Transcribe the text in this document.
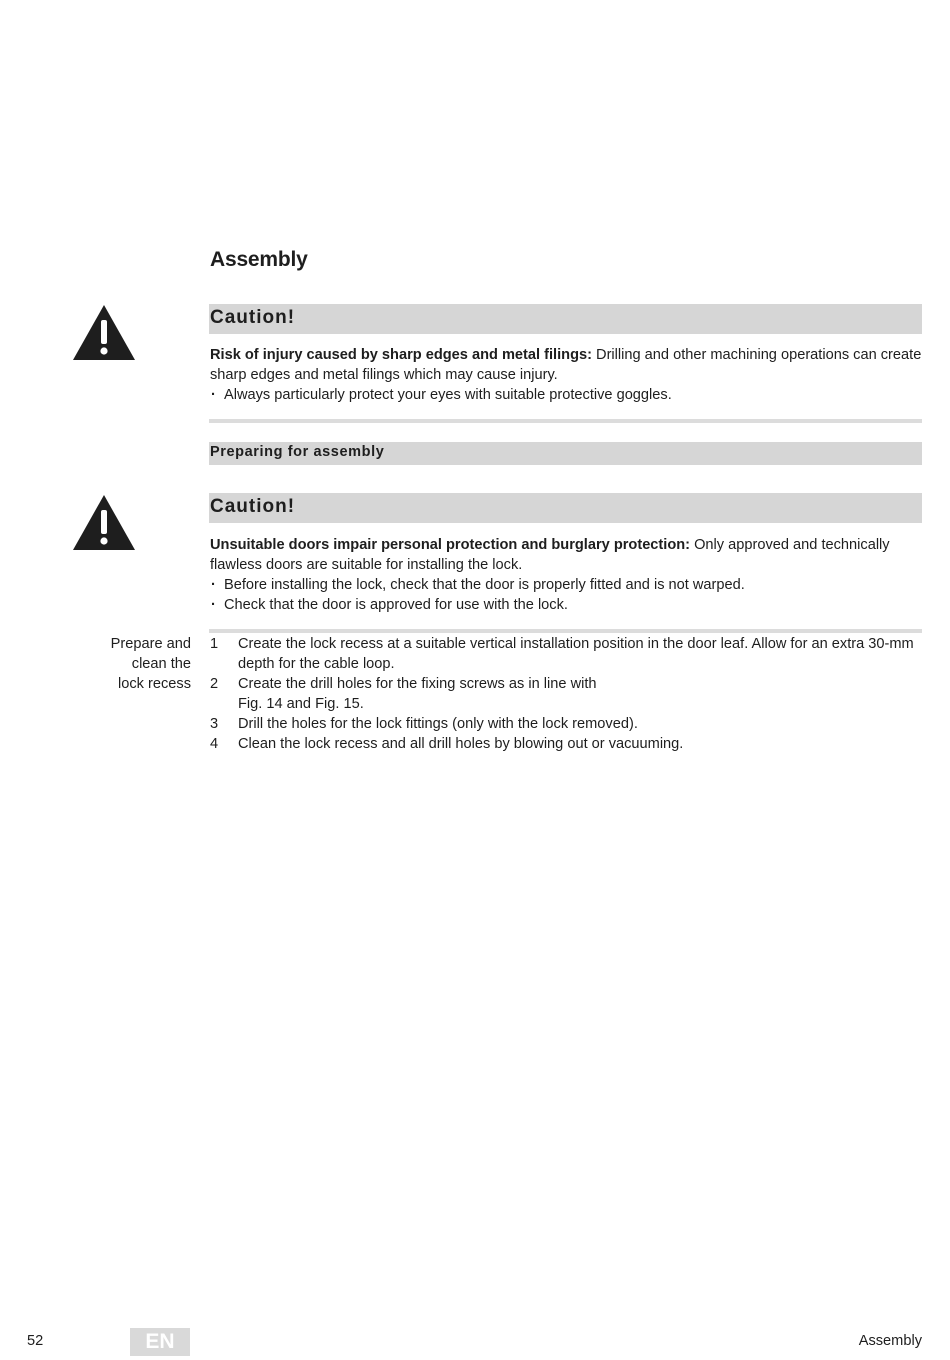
Assembly
Caution!

Risk of injury caused by sharp edges and metal filings: Drilling and other machining operations can create sharp edges and metal filings which may cause injury.

· Always particularly protect your eyes with suitable protective goggles.

Preparing for assembly
Caution!

Unsuitable doors impair personal protection and burglary protection: Only approved and technically flawless doors are suitable for installing the lock.

· Before installing the lock, check that the door is properly fitted and is not warped.

· Check that the door is approved for use with the lock.

Prepare and
clean the
lock recess
1 Create the lock recess at a suitable vertical installation position in the door leaf. Allow for an extra 30-mm depth for the cable loop.
2 Create the drill holes for the fixing screws as in line with
Fig. 14 and Fig. 15.
3 Drill the holes for the lock fittings (only with the lock removed).
4 Clean the lock recess and all drill holes by blowing out or vacuuming.
52	EN	Assembly
